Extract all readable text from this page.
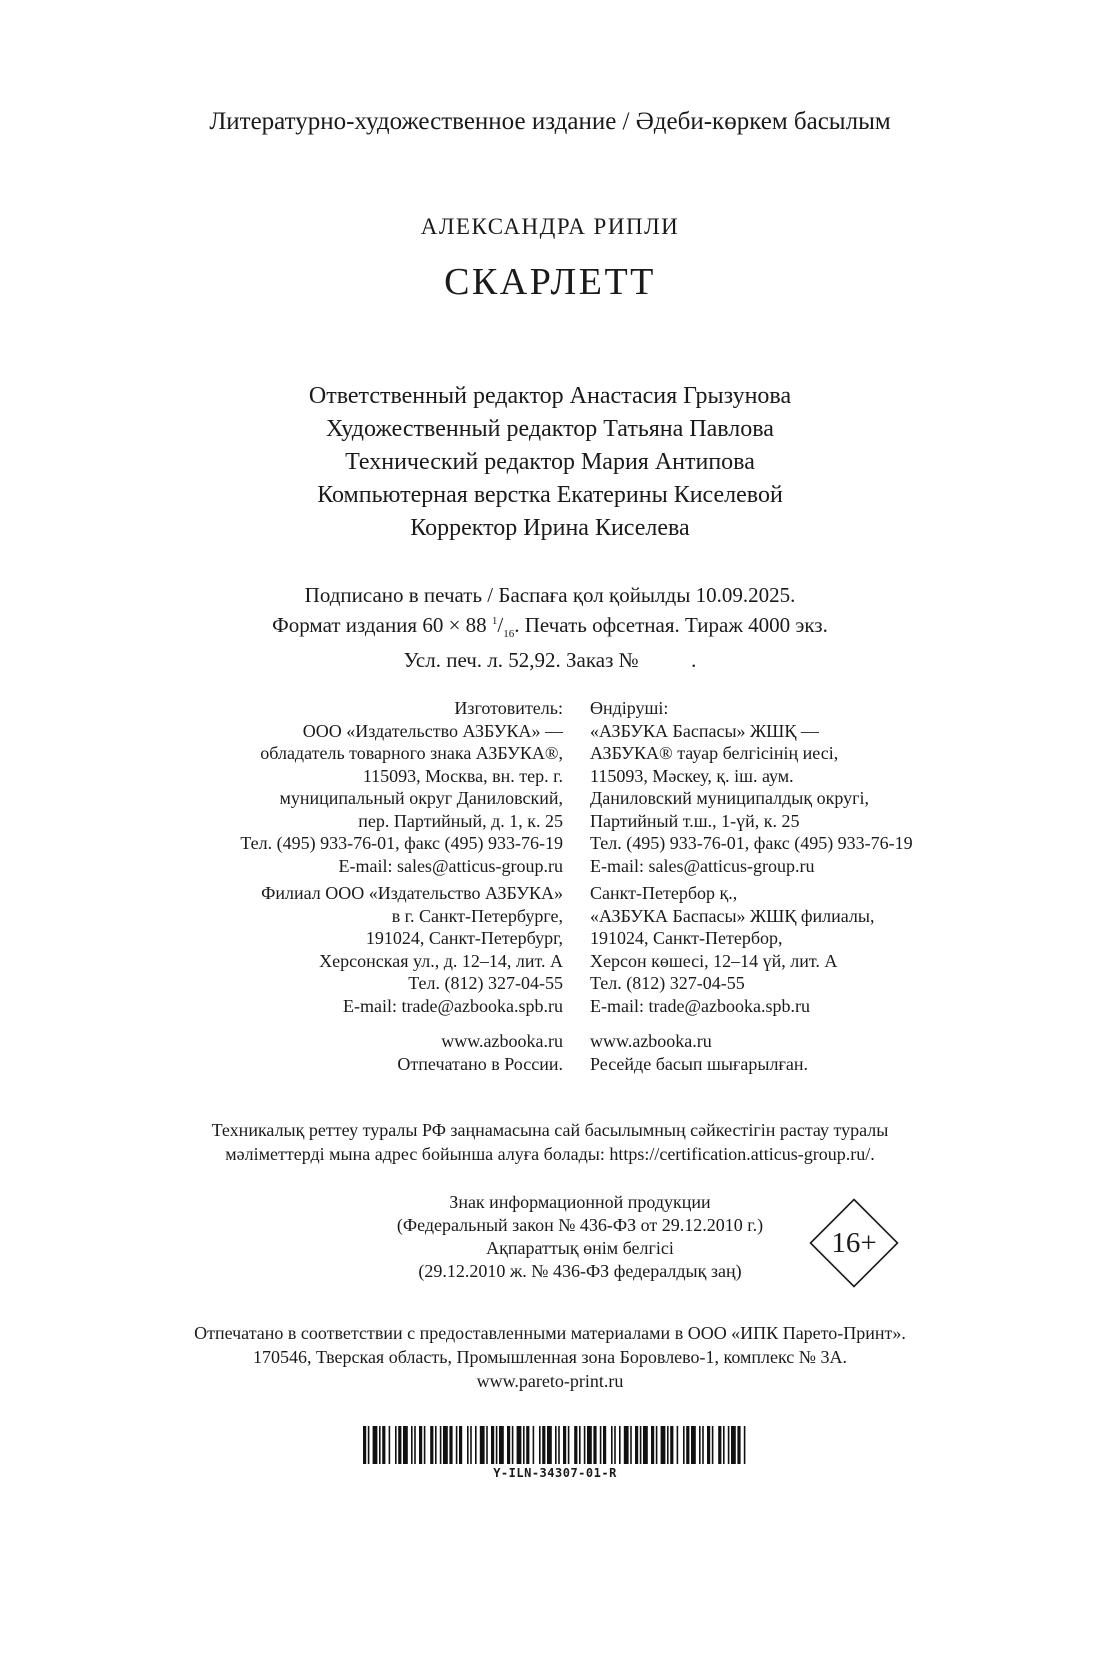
Литературно-художественное издание / Әдеби-көркем басылым
АЛЕКСАНДРА РИПЛИ
СКАРЛЕТТ
Ответственный редактор Анастасия Грызунова
Художественный редактор Татьяна Павлова
Технический редактор Мария Антипова
Компьютерная верстка Екатерины Киселевой
Корректор Ирина Киселева
Подписано в печать / Баспаға қол қойылды 10.09.2025.
Формат издания 60 × 88 $^1/_{16}$. Печать офсетная. Тираж 4000 экз.
Усл. печ. л. 52,92. Заказ №          .
Изготовитель:
ООО «Издательство АЗБУКА» —
обладатель товарного знака АЗБУКА®,
115093, Москва, вн. тер. г.
муниципальный округ Даниловский,
пер. Партийный, д. 1, к. 25
Тел. (495) 933-76-01, факс (495) 933-76-19
E-mail: sales@atticus-group.ru
Өндіруші:
«АЗБУКА Баспасы» ЖШҚ —
АЗБУКА® тауар белгісінің иесі,
115093, Мәскеу, қ. іш. аум.
Даниловский муниципалдық округі,
Партийный т.ш., 1-үй, к. 25
Тел. (495) 933-76-01, факс (495) 933-76-19
E-mail: sales@atticus-group.ru
Филиал ООО «Издательство АЗБУКА»
в г. Санкт-Петербурге,
191024, Санкт-Петербург,
Херсонская ул., д. 12–14, лит. А
Тел. (812) 327-04-55
E-mail: trade@azbooka.spb.ru
Санкт-Петербор қ.,
«АЗБУКА Баспасы» ЖШҚ филиалы,
191024, Санкт-Петербор,
Херсон көшесі, 12–14 үй, лит. А
Тел. (812) 327-04-55
E-mail: trade@azbooka.spb.ru
www.azbooka.ru
Отпечатано в России.
www.azbooka.ru
Ресейде басып шығарылған.
Техникалық реттеу туралы РФ заңнамасына сай басылымның сәйкестігін растау туралы
мәліметтерді мына адрес бойынша алуға болады: https://certification.atticus-group.ru/.
Знак информационной продукции
(Федеральный закон № 436-ФЗ от 29.12.2010 г.)
Ақпараттық өнім белгісі
(29.12.2010 ж. № 436-ФЗ федералдық заң)
16+
Отпечатано в соответствии с предоставленными материалами в ООО «ИПК Парето-Принт».
170546, Тверская область, Промышленная зона Боровлево-1, комплекс № 3А.
www.pareto-print.ru
Y-ILN-34307-01-R
